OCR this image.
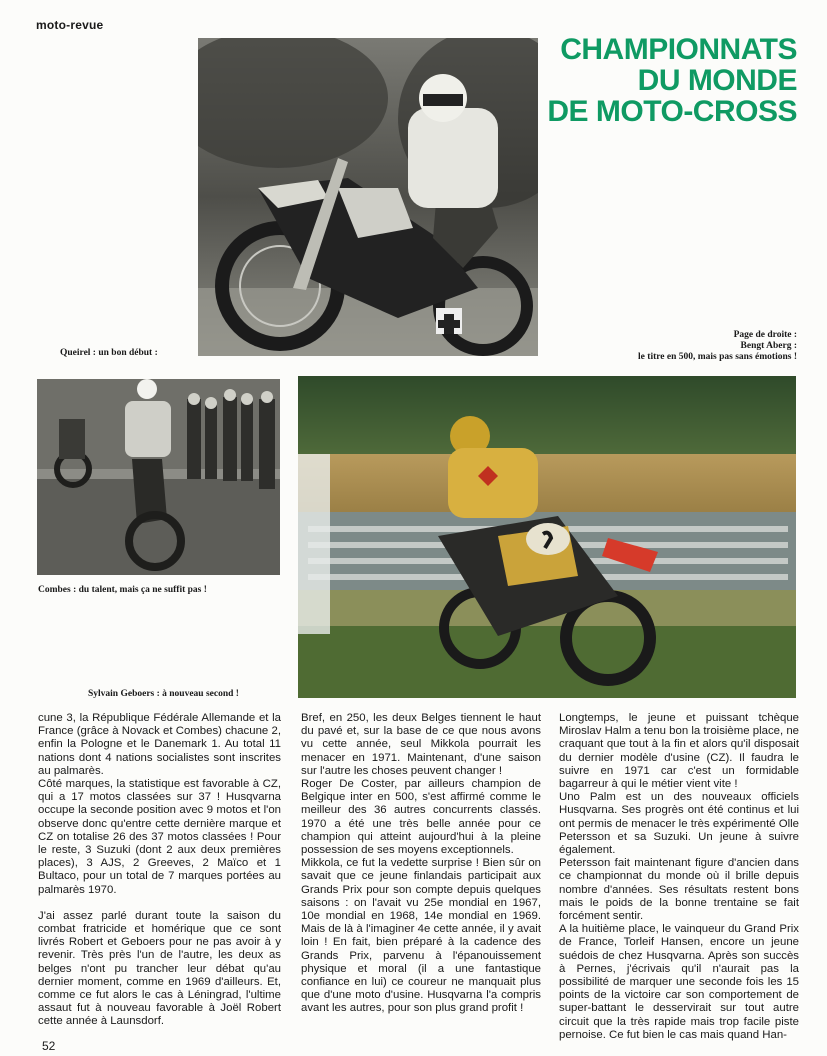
moto-revue
CHAMPIONNATS
DU MONDE
DE MOTO-CROSS
Queirel : un bon début :
Page de droite :
Bengt Aberg :
le titre en 500, mais pas sans émotions !
Combes : du talent, mais ça ne suffit pas !
Sylvain Geboers : à nouveau second !

cune 3, la République Fédérale Allemande et la France (grâce à Novack et Combes) chacune 2, enfin la Pologne et le Danemark 1. Au total 11 nations dont 4 nations socialistes sont inscrites au palmarès.

Côté marques, la statistique est favorable à CZ, qui a 17 motos classées sur 37 ! Husqvarna occupe la seconde position avec 9 motos et l'on observe donc qu'entre cette dernière marque et CZ on totalise 26 des 37 motos classées ! Pour le reste, 3 Suzuki (dont 2 aux deux premières places), 3 AJS, 2 Greeves, 2 Maïco et 1 Bultaco, pour un total de 7 marques portées au palmarès 1970.

J'ai assez parlé durant toute la saison du combat fratricide et homérique que ce sont livrés Robert et Geboers pour ne pas avoir à y revenir. Très près l'un de l'autre, les deux as belges n'ont pu trancher leur débat qu'au dernier moment, comme en 1969 d'ailleurs. Et, comme ce fut alors le cas à Léningrad, l'ultime assaut fut à nouveau favorable à Joël Robert cette année à Launsdorf.

Bref, en 250, les deux Belges tiennent le haut du pavé et, sur la base de ce que nous avons vu cette année, seul Mikkola pourrait les menacer en 1971. Maintenant, d'une saison sur l'autre les choses peuvent changer !

Roger De Coster, par ailleurs champion de Belgique inter en 500, s'est affirmé comme le meilleur des 36 autres concurrents classés. 1970 a été une très belle année pour ce champion qui atteint aujourd'hui à la pleine possession de ses moyens exceptionnels.

Mikkola, ce fut la vedette surprise ! Bien sûr on savait que ce jeune finlandais participait aux Grands Prix pour son compte depuis quelques saisons : on l'avait vu 25e mondial en 1967, 10e mondial en 1968, 14e mondial en 1969. Mais de là à l'imaginer 4e cette année, il y avait loin ! En fait, bien préparé à la cadence des Grands Prix, parvenu à l'épanouissement physique et moral (il a une fantastique confiance en lui) ce coureur ne manquait plus que d'une moto d'usine. Husqvarna l'a compris avant les autres, pour son plus grand profit !

Longtemps, le jeune et puissant tchèque Miroslav Halm a tenu bon la troisième place, ne craquant que tout à la fin et alors qu'il disposait du dernier modèle d'usine (CZ). Il faudra le suivre en 1971 car c'est un formidable bagarreur à qui le métier vient vite !

Uno Palm est un des nouveaux officiels Husqvarna. Ses progrès ont été continus et lui ont permis de menacer le très expérimenté Olle Petersson et sa Suzuki. Un jeune à suivre également.

Petersson fait maintenant figure d'ancien dans ce championnat du monde où il brille depuis nombre d'années. Ses résultats restent bons mais le poids de la bonne trentaine se fait forcément sentir.

A la huitième place, le vainqueur du Grand Prix de France, Torleif Hansen, encore un jeune suédois de chez Husqvarna. Après son succès à Pernes, j'écrivais qu'il n'aurait pas la possibilité de marquer une seconde fois les 15 points de la victoire car son comportement de super-battant le desservirait sur tout autre circuit que la très rapide mais trop facile piste pernoise. Ce fut bien le cas mais quand Han-

52
